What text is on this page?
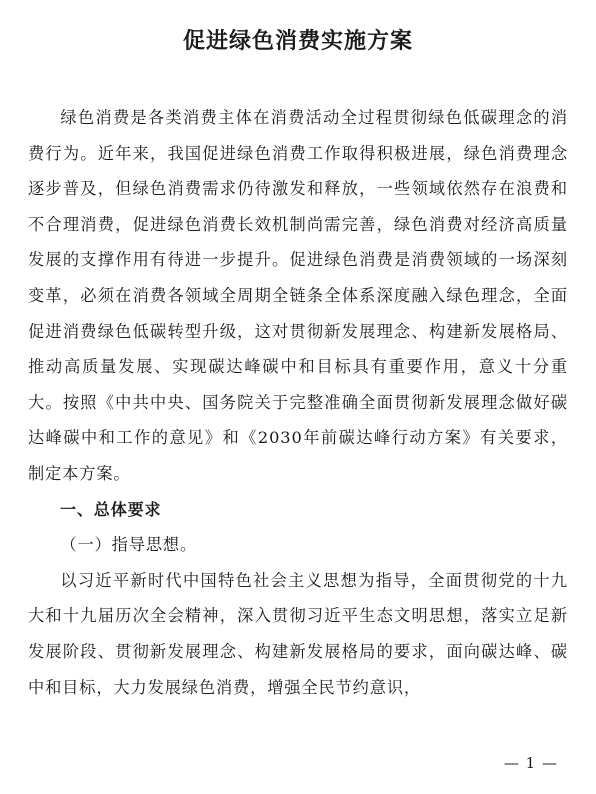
促进绿色消费实施方案

绿色消费是各类消费主体在消费活动全过程贯彻绿色低碳理念的消费行为。近年来，我国促进绿色消费工作取得积极进展，绿色消费理念逐步普及，但绿色消费需求仍待激发和释放，一些领域依然存在浪费和不合理消费，促进绿色消费长效机制尚需完善，绿色消费对经济高质量发展的支撑作用有待进一步提升。促进绿色消费是消费领域的一场深刻变革，必须在消费各领域全周期全链条全体系深度融入绿色理念，全面促进消费绿色低碳转型升级，这对贯彻新发展理念、构建新发展格局、推动高质量发展、实现碳达峰碳中和目标具有重要作用，意义十分重大。按照《中共中央、国务院关于完整准确全面贯彻新发展理念做好碳达峰碳中和工作的意见》和《2030年前碳达峰行动方案》有关要求，制定本方案。

一、总体要求

（一）指导思想。

以习近平新时代中国特色社会主义思想为指导，全面贯彻党的十九大和十九届历次全会精神，深入贯彻习近平生态文明思想，落实立足新发展阶段、贯彻新发展理念、构建新发展格局的要求，面向碳达峰、碳中和目标，大力发展绿色消费，增强全民节约意识，

— 1 —
